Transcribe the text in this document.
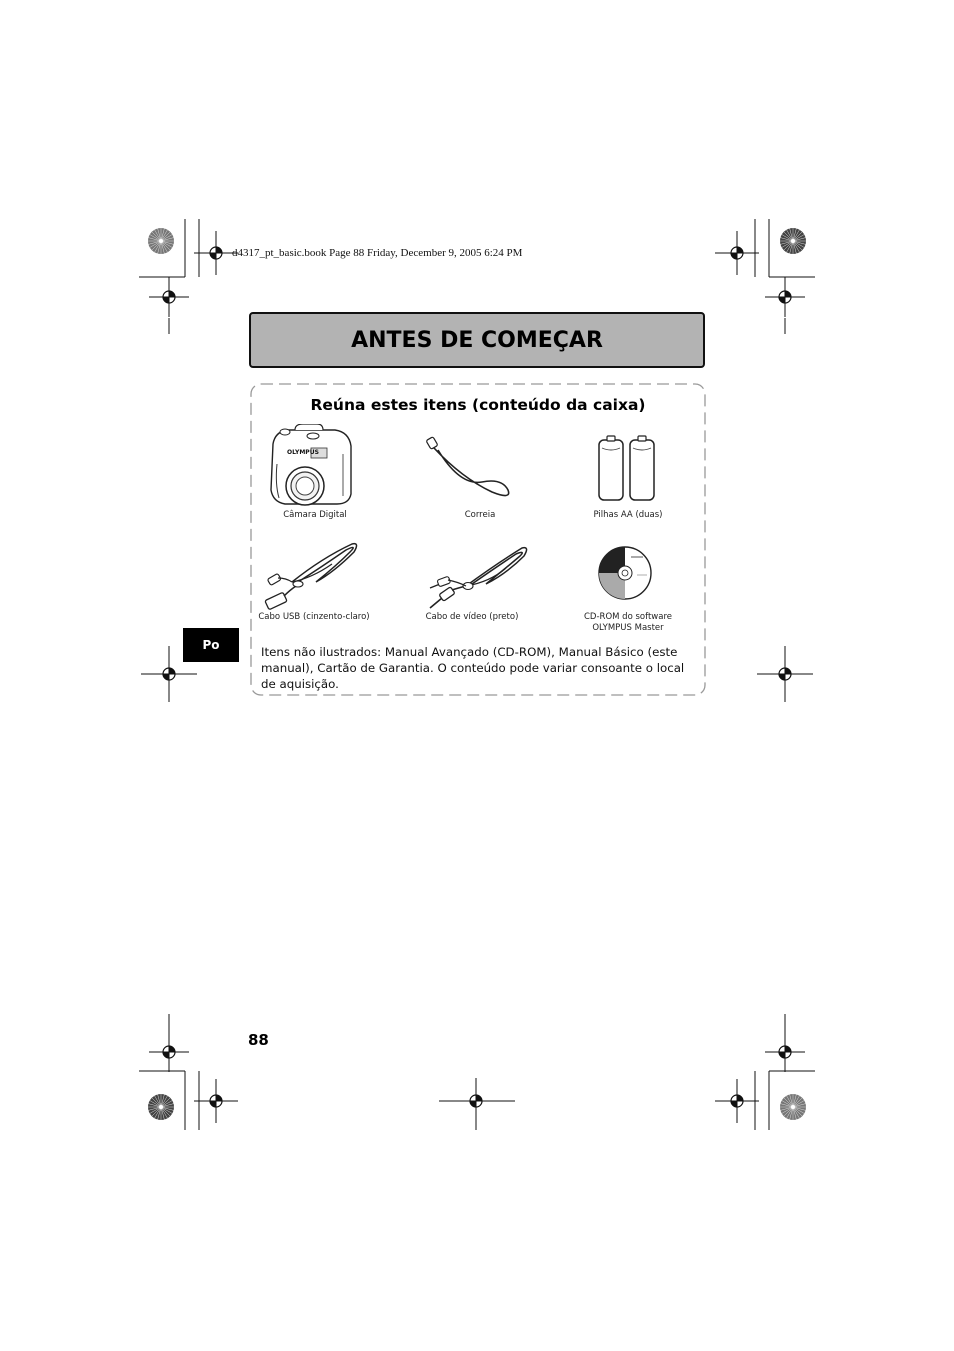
d4317_pt_basic.book Page 88 Friday, December 9, 2005 6:24 PM
ANTES DE COMEÇAR
Reúna estes itens (conteúdo da caixa)
OLYMPUS
Câmara Digital	Correia	Pilhas AA (duas)
Cabo USB (cinzento-claro)	Cabo de vídeo (preto)	CD-ROM do software
OLYMPUS Master
Itens não ilustrados: Manual Avançado (CD-ROM), Manual Básico (este manual), Cartão de Garantia. O conteúdo pode variar consoante o local de aquisição.
Po
88
